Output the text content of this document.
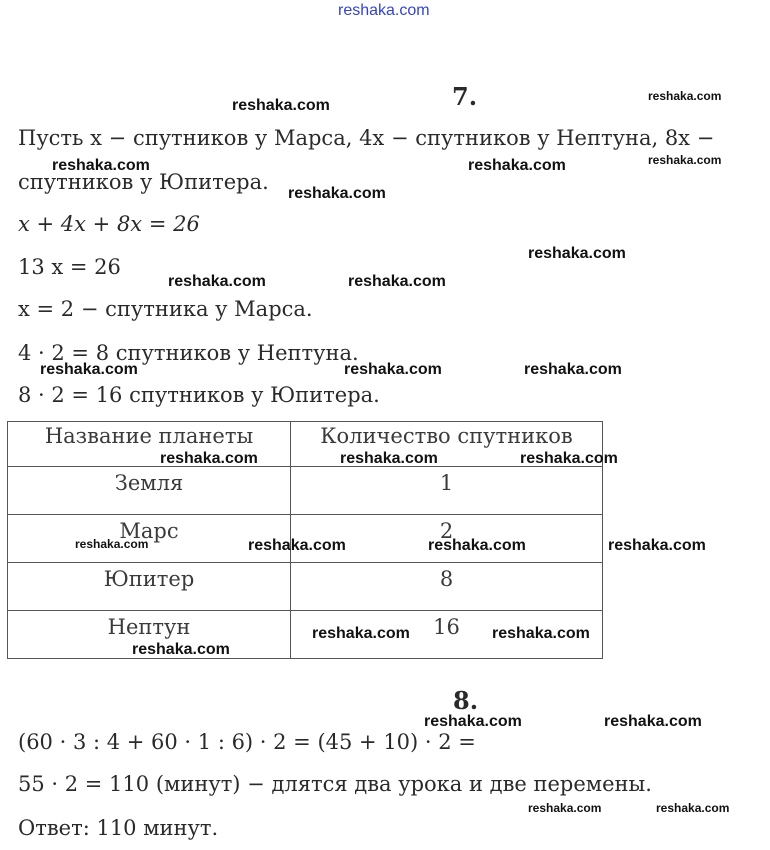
7.
Пусть x − спутников у Марса, 4x − спутников у Нептуна, 8x −
спутников у Юпитера.
x + 4x + 8x = 26
13 x = 26
x = 2 − спутника у Марса.
4 · 2 = 8 спутников у Нептуна.
8 · 2 = 16 спутников у Юпитера.
Название планеты	Количество спутников
Земля	1
Марс	2
Юпитер	8
Нептун	16
8.
(60 · 3 : 4 + 60 · 1 : 6) · 2 = (45 + 10) · 2 =
55 · 2 = 110 (минут) − длятся два урока и две перемены.
Ответ: 110 минут.
reshaka.com
reshaka.com
reshaka.com
reshaka.com	reshaka.com	reshaka.com
reshaka.com
reshaka.com
reshaka.com	reshaka.com
reshaka.com	reshaka.com	reshaka.com
reshaka.com	reshaka.com	reshaka.com
reshaka.com	reshaka.com	reshaka.com	reshaka.com
reshaka.com	reshaka.com
reshaka.com
reshaka.com	reshaka.com
reshaka.com	reshaka.com
